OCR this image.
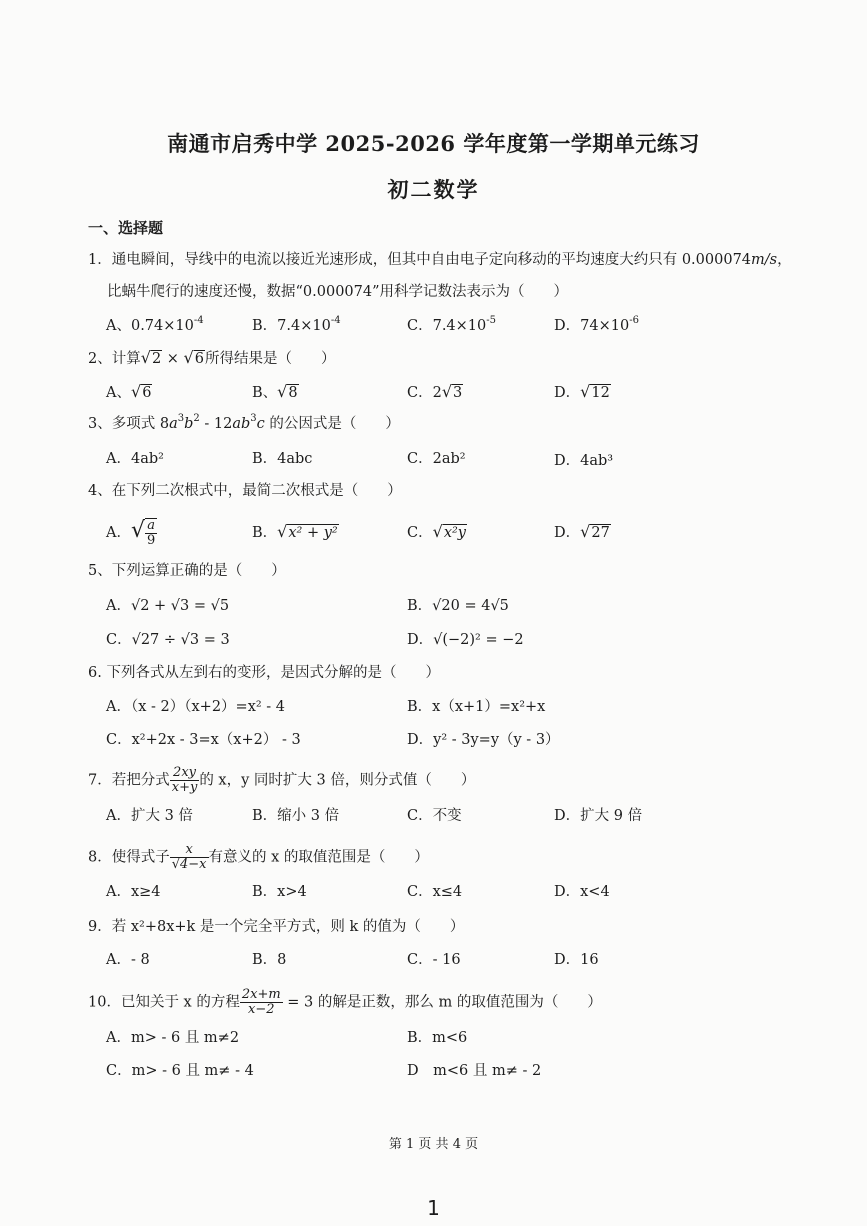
南通市启秀中学 2025-2026 学年度第一学期单元练习
初二数学
一、选择题
1．通电瞬间，导线中的电流以接近光速形成，但其中自由电子定向移动的平均速度大约只有 0.000074m/s，
比蜗牛爬行的速度还慢，数据“0.000074”用科学记数法表示为（　　）
A、$0.74\times 10^{-4}$	B．$7.4\times 10^{-4}$	C．$7.4\times 10^{-5}$	D．$74\times 10^{-6}$
2、计算√2 × √6所得结果是（　　）
A、√6	B、√8	C．2√3	D．√12
3、多项式 $8a^3b^2 - 12ab^3c$ 的公因式是（　　）
A．4ab²	B．4abc	C．2ab²	D．4ab³
4、在下列二次根式中，最简二次根式是（　　）
A．√ $\frac{a}{9}$	B．√x² + y²	C．√x²y	D．√27
5、下列运算正确的是（　　）
A．√2 + √3 = √5	B．√20 = 4√5
C．√27 ÷ √3 = 3	D．√(−2)² = −2
6. 下列各式从左到右的变形，是因式分解的是（　　）
A．（x - 2）（x+2）=x² - 4	B．x（x+1）=x²+x
C．x²+2x - 3=x（x+2） - 3	D．y² - 3y=y（y - 3）
7．若把分式 $\frac{2xy}{x+y}$ 的 x，y 同时扩大 3 倍，则分式值（　　）
A．扩大 3 倍	B．缩小 3 倍	C．不变	D．扩大 9 倍
8．使得式子 $\frac{x}{√4-x}$ 有意义的 x 的取值范围是（　　）
A．x≥4	B．x>4	C．x≤4	D．x<4
9．若 x²+8x+k 是一个完全平方式，则 k 的值为（　　）
A．- 8	B．8	C．- 16	D．16
10．已知关于 x 的方程 $\frac{2x+m}{x-2} = 3$ 的解是正数，那么 m 的取值范围为（　　）
A．m> - 6 且 m≠2	B．m<6
C．m> - 6 且 m≠ - 4	D　m<6 且 m≠ - 2
第 1 页 共 4 页
1
